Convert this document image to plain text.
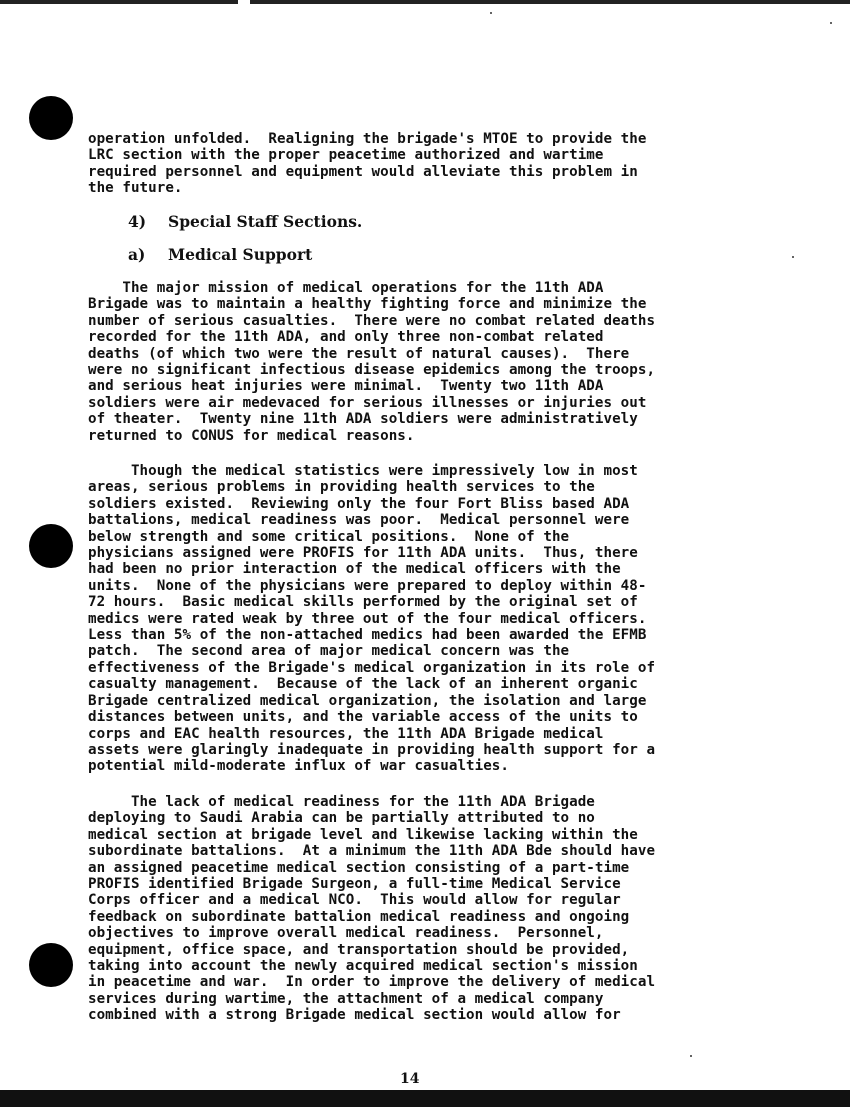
operation unfolded.  Realigning the brigade's MTOE to provide the
LRC section with the proper peacetime authorized and wartime
required personnel and equipment would alleviate this problem in
the future.
4) Special Staff Sections.
a) Medical Support
The major mission of medical operations for the 11th ADA
Brigade was to maintain a healthy fighting force and minimize the
number of serious casualties.  There were no combat related deaths
recorded for the 11th ADA, and only three non-combat related
deaths (of which two were the result of natural causes).  There
were no significant infectious disease epidemics among the troops,
and serious heat injuries were minimal.  Twenty two 11th ADA
soldiers were air medevaced for serious illnesses or injuries out
of theater.  Twenty nine 11th ADA soldiers were administratively
returned to CONUS for medical reasons.
Though the medical statistics were impressively low in most
areas, serious problems in providing health services to the
soldiers existed.  Reviewing only the four Fort Bliss based ADA
battalions, medical readiness was poor.  Medical personnel were
below strength and some critical positions.  None of the
physicians assigned were PROFIS for 11th ADA units.  Thus, there
had been no prior interaction of the medical officers with the
units.  None of the physicians were prepared to deploy within 48-
72 hours.  Basic medical skills performed by the original set of
medics were rated weak by three out of the four medical officers.
Less than 5% of the non-attached medics had been awarded the EFMB
patch.  The second area of major medical concern was the
effectiveness of the Brigade's medical organization in its role of
casualty management.  Because of the lack of an inherent organic
Brigade centralized medical organization, the isolation and large
distances between units, and the variable access of the units to
corps and EAC health resources, the 11th ADA Brigade medical
assets were glaringly inadequate in providing health support for a
potential mild-moderate influx of war casualties.
The lack of medical readiness for the 11th ADA Brigade
deploying to Saudi Arabia can be partially attributed to no
medical section at brigade level and likewise lacking within the
subordinate battalions.  At a minimum the 11th ADA Bde should have
an assigned peacetime medical section consisting of a part-time
PROFIS identified Brigade Surgeon, a full-time Medical Service
Corps officer and a medical NCO.  This would allow for regular
feedback on subordinate battalion medical readiness and ongoing
objectives to improve overall medical readiness.  Personnel,
equipment, office space, and transportation should be provided,
taking into account the newly acquired medical section's mission
in peacetime and war.  In order to improve the delivery of medical
services during wartime, the attachment of a medical company
combined with a strong Brigade medical section would allow for
14
